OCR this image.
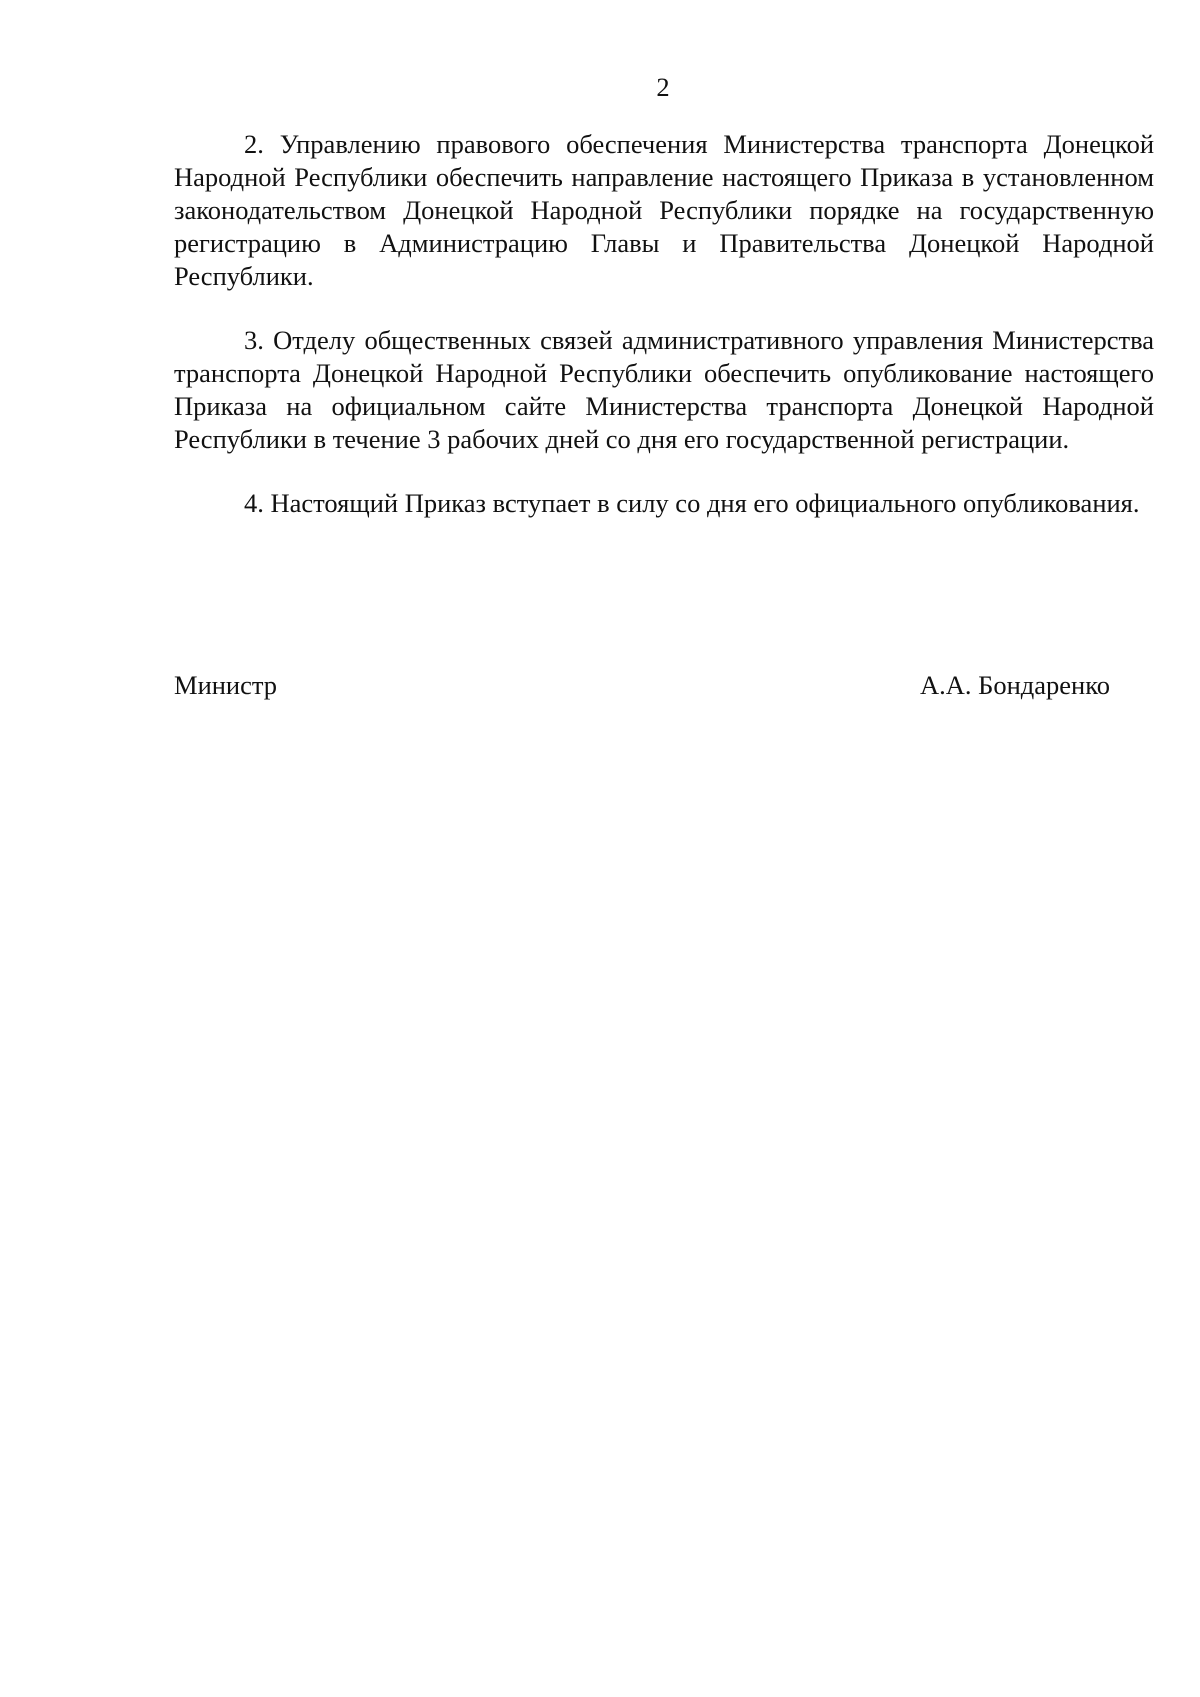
2

2. Управлению правового обеспечения Министерства транспорта Донецкой Народной Республики обеспечить направление настоящего Приказа в установленном законодательством Донецкой Народной Республики порядке на государственную регистрацию в Администрацию Главы и Правительства Донецкой Народной Республики.

3. Отделу общественных связей административного управления Министерства транспорта Донецкой Народной Республики обеспечить опубликование настоящего Приказа на официальном сайте Министерства транспорта Донецкой Народной Республики в течение 3 рабочих дней со дня его государственной регистрации.

4. Настоящий Приказ вступает в силу со дня его официального опубликования.

Министр	А.А. Бондаренко
